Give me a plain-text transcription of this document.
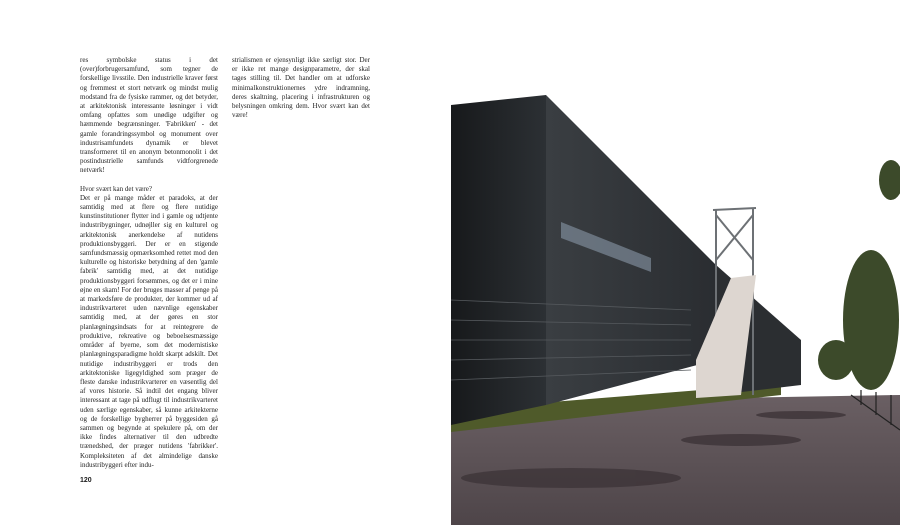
res symbolske status i det (over)forbrugersamfund, som tegner de forskellige livsstile. Den industrielle kraver først og fremmest et stort netværk og mindst mulig modstand fra de fysiske rammer, og det betyder, at arkitektonisk interessante løsninger i vidt omfang opfattes som unødige udgifter og hæmmende begrænsninger. 'Fabrikken' - det gamle forandringssymbol og monument over industrisamfundets dynamik er blevet transformeret til en anonym betonmonolit i det postindustrielle samfunds vidtforgrenede netværk!

Hvor svært kan det være?

Det er på mange måder et paradoks, at der samtidig med at flere og flere nutidige kunstinstitutioner flytter ind i gamle og udtjente industribygninger, udnøjller sig en kulturel og arkitektonisk anerkendelse af nutidens produktionsbyggeri. Der er en stigende samfundsmæssig opmærksomhed rettet mod den kulturelle og historiske betydning af den 'gamle fabrik' samtidig med, at det nutidige produktionsbyggeri forsømmes, og det er i mine øjne en skam! For der bruges masser af penge på at markedsføre de produkter, der kommer ud af industrikvarteret uden nævnlige egenskaber samtidig med, at der gøres en stor planlægningsindsats for at reintegrere de produktive, rekreative og beboelsesmæssige områder af byerne, som det modernistiske planlægningsparadigme holdt skarpt adskilt. Det nutidige industribyggeri er trods den arkitektoniske ligegyldighed som præger de fleste danske industrikvarterer en væsentlig del af vores historie. Så indtil det engang bliver interessant at tage på udflugt til industrikvarteret uden særlige egenskaber, så kunne arkitekterne og de forskellige bygherrer på byggesiden gå sammen og begynde at spekulere på, om der ikke findes alternativer til den udbredte trænedshed, der præger nutidens 'fabrikker'. Kompleksiteten af det almindelige danske industribyggeri efter indu-

strialismen er ejensynligt ikke særligt stor. Der er ikke ret mange designparametre, der skal tages stilling til. Det handler om at udforske minimalkonstruktionernes ydre indramning, deres skaltning, placering i infrastrukturen og belysningen omkring dem. Hvor svært kan det være!

120
